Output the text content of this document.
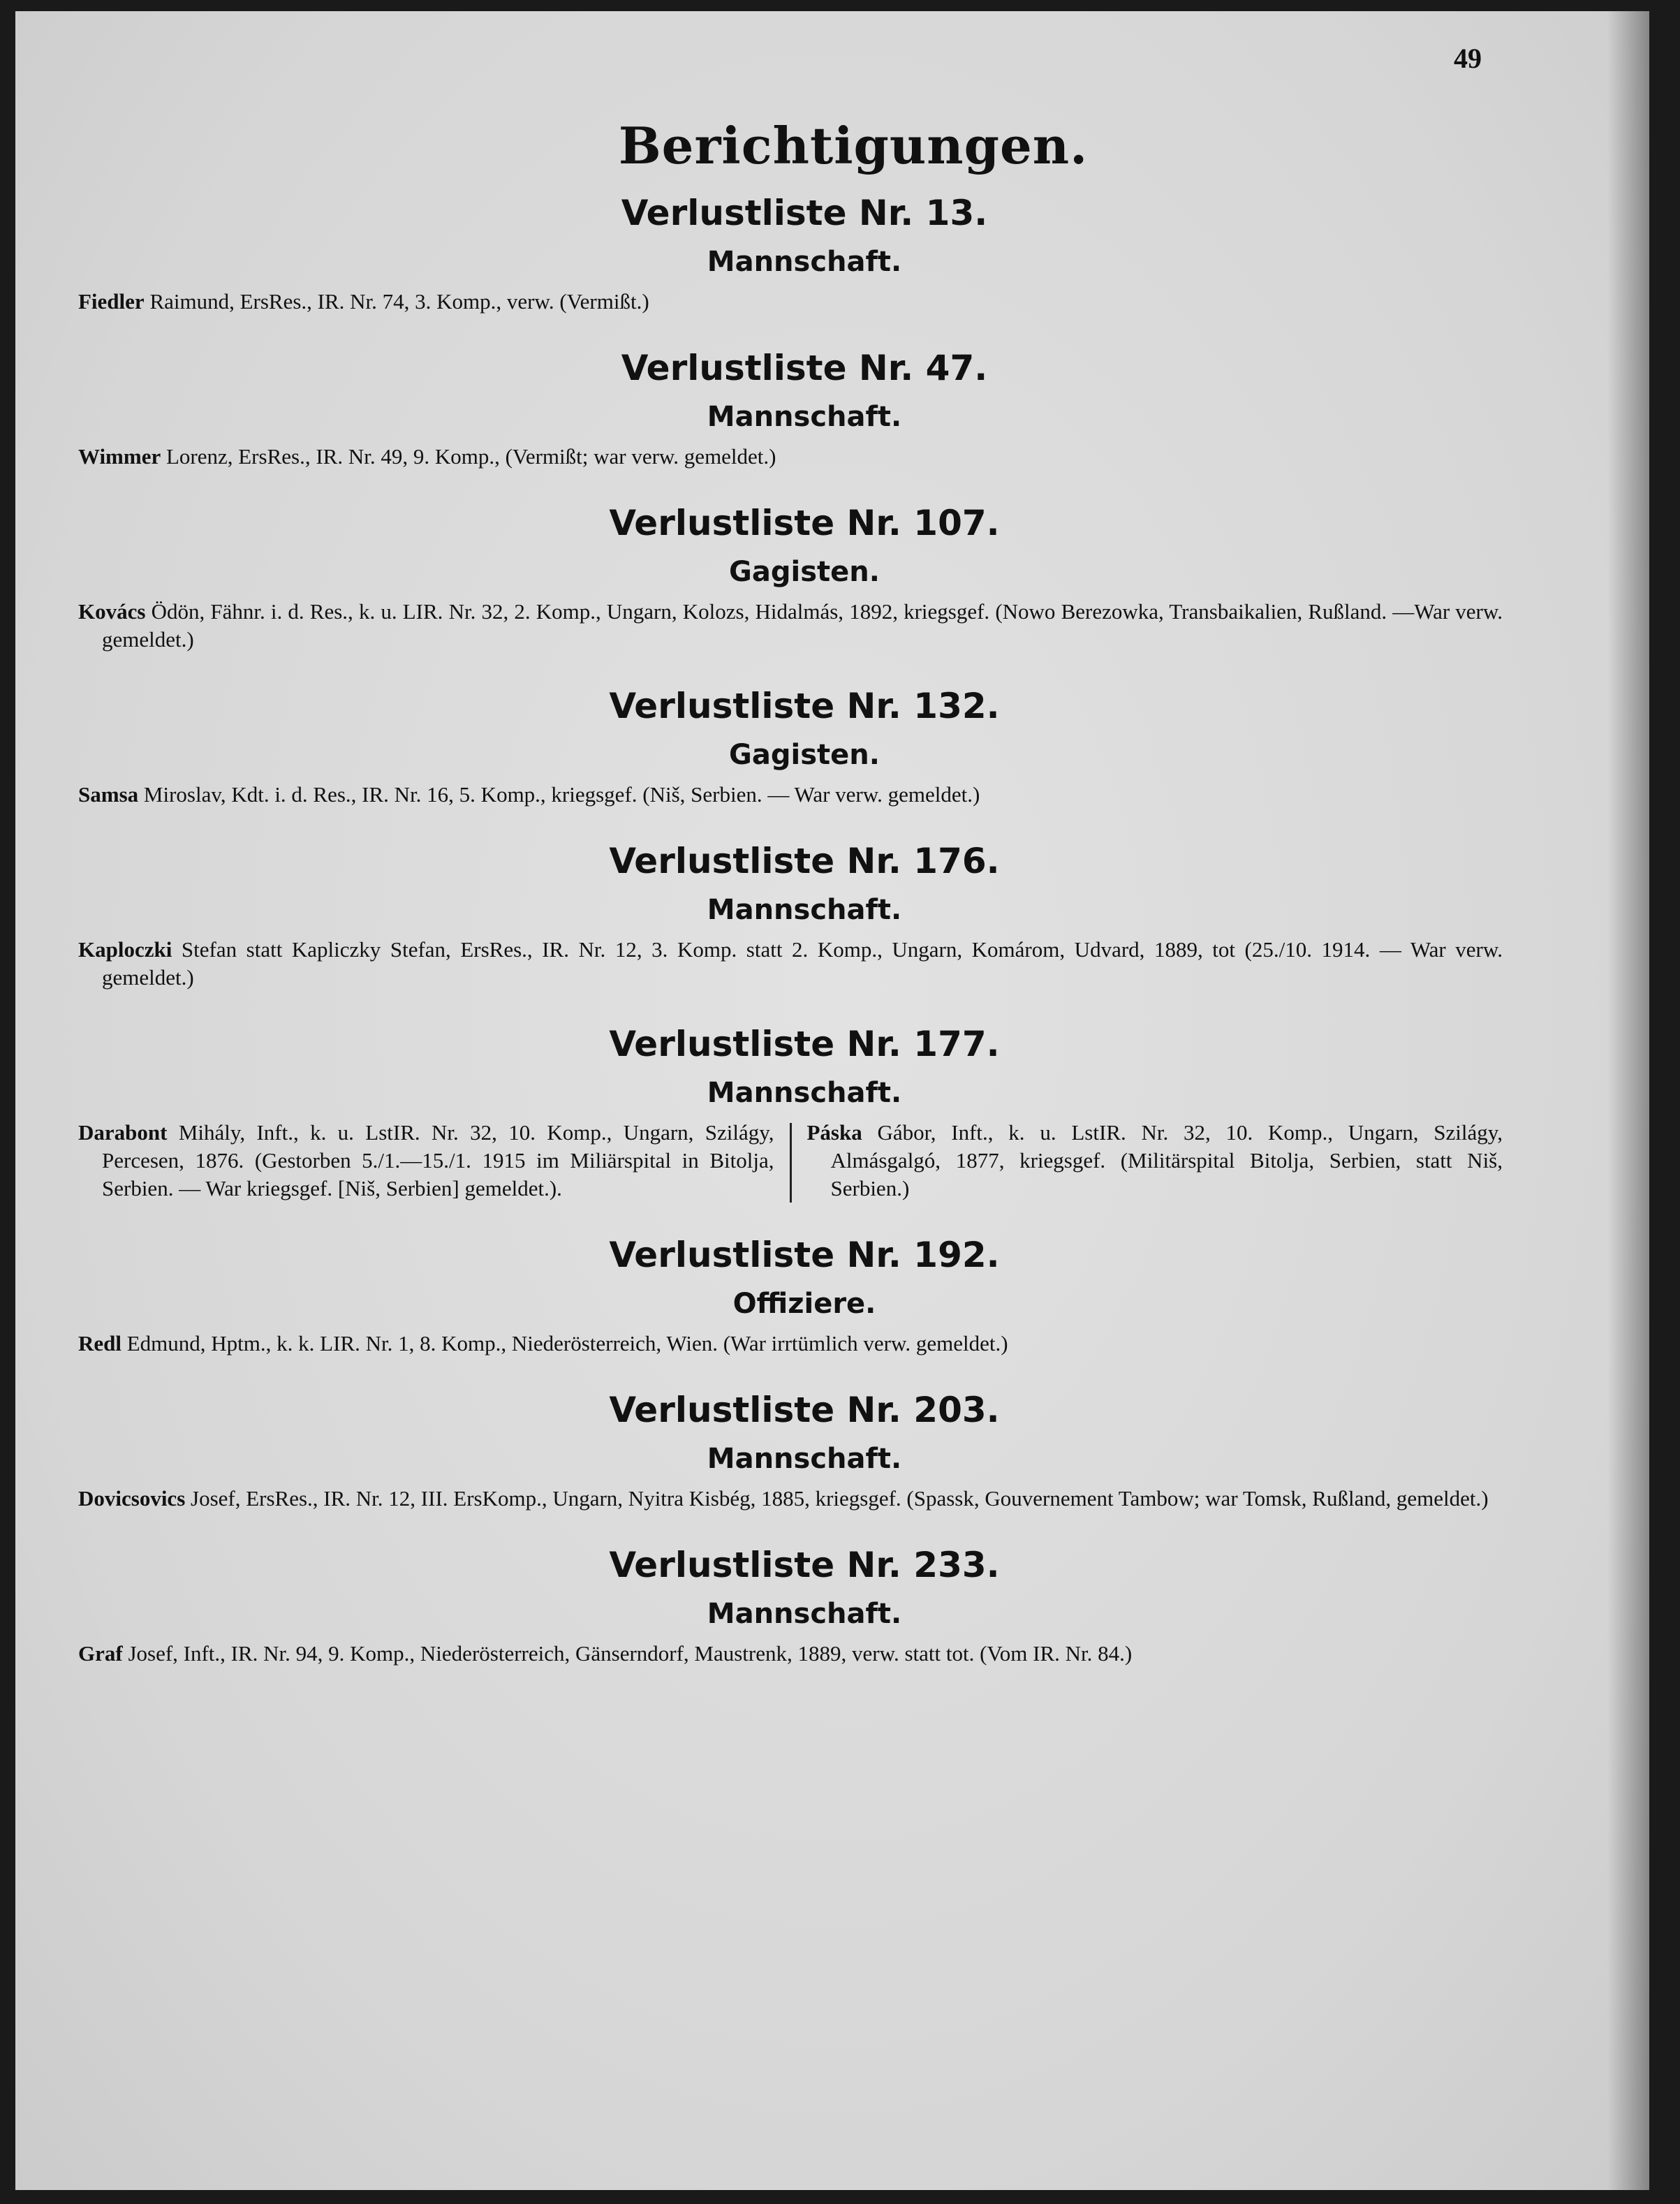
49
Berichtigungen.
Verlustliste Nr. 13.
Mannschaft.
Fiedler Raimund, ErsRes., IR. Nr. 74, 3. Komp., verw. (Vermißt.)
Verlustliste Nr. 47.
Mannschaft.
Wimmer Lorenz, ErsRes., IR. Nr. 49, 9. Komp., (Vermißt; war verw. gemeldet.)
Verlustliste Nr. 107.
Gagisten.
Kovács Ödön, Fähnr. i. d. Res., k. u. LIR. Nr. 32, 2. Komp., Ungarn, Kolozs, Hidalmás, 1892, kriegsgef. (Nowo Berezowka, Transbaikalien, Rußland. —War verw. gemeldet.)
Verlustliste Nr. 132.
Gagisten.
Samsa Miroslav, Kdt. i. d. Res., IR. Nr. 16, 5. Komp., kriegsgef. (Niš, Serbien. — War verw. gemeldet.)
Verlustliste Nr. 176.
Mannschaft.
Kaploczki Stefan statt Kapliczky Stefan, ErsRes., IR. Nr. 12, 3. Komp. statt 2. Komp., Ungarn, Komárom, Udvard, 1889, tot (25./10. 1914. — War verw. gemeldet.)
Verlustliste Nr. 177.
Mannschaft.
Darabont Mihály, Inft., k. u. LstIR. Nr. 32, 10. Komp., Ungarn, Szilágy, Percesen, 1876. (Gestorben 5./1.—15./1. 1915 im Miliärspital in Bitolja, Serbien. — War kriegsgef. [Niš, Serbien] gemeldet.).
Páska Gábor, Inft., k. u. LstIR. Nr. 32, 10. Komp., Ungarn, Szilágy, Almásgalgó, 1877, kriegsgef. (Militärspital Bitolja, Serbien, statt Niš, Serbien.)
Verlustliste Nr. 192.
Offiziere.
Redl Edmund, Hptm., k. k. LIR. Nr. 1, 8. Komp., Niederösterreich, Wien. (War irrtümlich verw. gemeldet.)
Verlustliste Nr. 203.
Mannschaft.
Dovicsovics Josef, ErsRes., IR. Nr. 12, III. ErsKomp., Ungarn, Nyitra Kisbég, 1885, kriegsgef. (Spassk, Gouvernement Tambow; war Tomsk, Rußland, gemeldet.)
Verlustliste Nr. 233.
Mannschaft.
Graf Josef, Inft., IR. Nr. 94, 9. Komp., Niederösterreich, Gänserndorf, Maustrenk, 1889, verw. statt tot. (Vom IR. Nr. 84.)
